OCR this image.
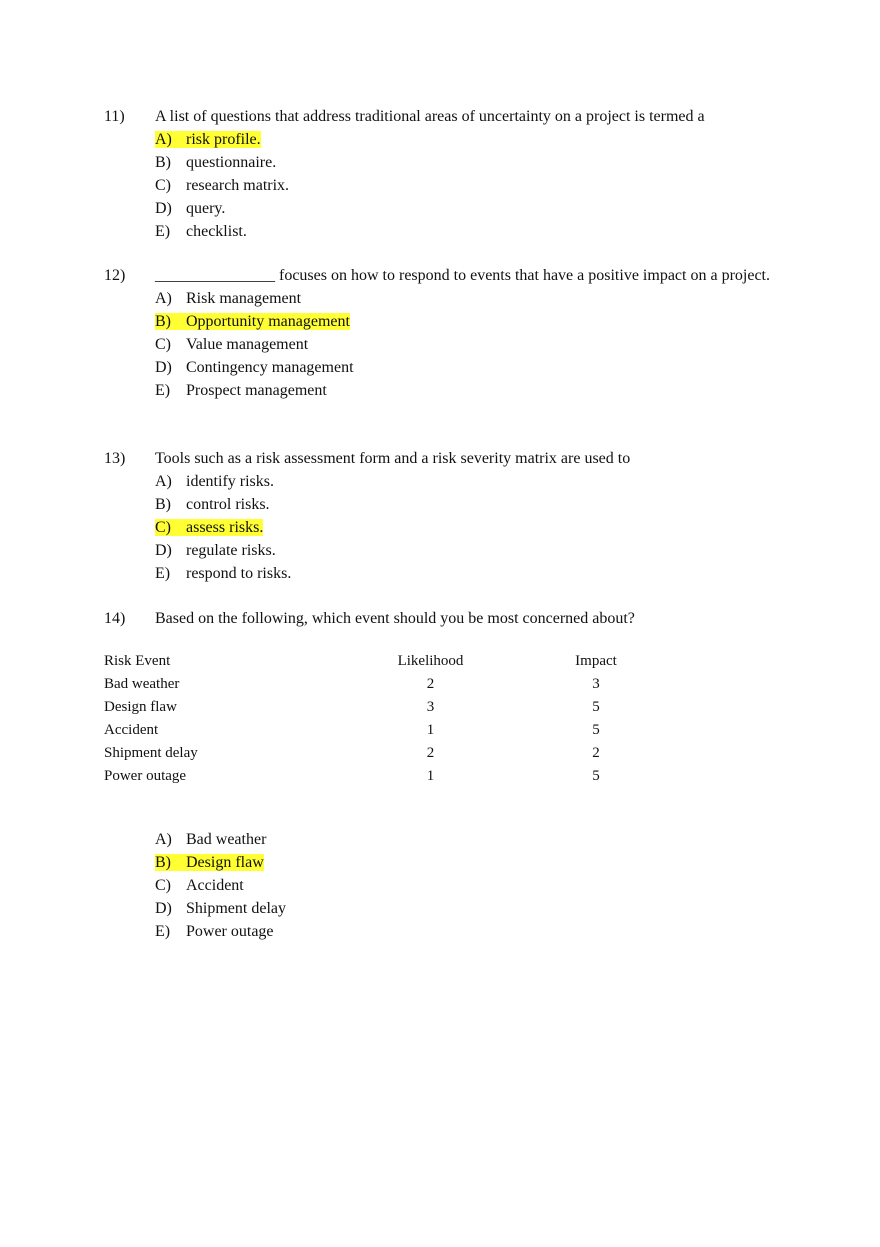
11)	A list of questions that address traditional areas of uncertainty on a project is termed a
A) risk profile.
B) questionnaire.
C) research matrix.
D) query.
E) checklist.
12)	_______________ focuses on how to respond to events that have a positive impact on a project.
A) Risk management
B) Opportunity management
C) Value management
D) Contingency management
E) Prospect management
13)	Tools such as a risk assessment form and a risk severity matrix are used to
A) identify risks.
B) control risks.
C) assess risks.
D) regulate risks.
E) respond to risks.
14)	Based on the following, which event should you be most concerned about?
Risk Event	Likelihood	Impact
Bad weather	2	3
Design flaw	3	5
Accident	1	5
Shipment delay	2	2
Power outage	1	5
A) Bad weather
B) Design flaw
C) Accident
D) Shipment delay
E) Power outage
